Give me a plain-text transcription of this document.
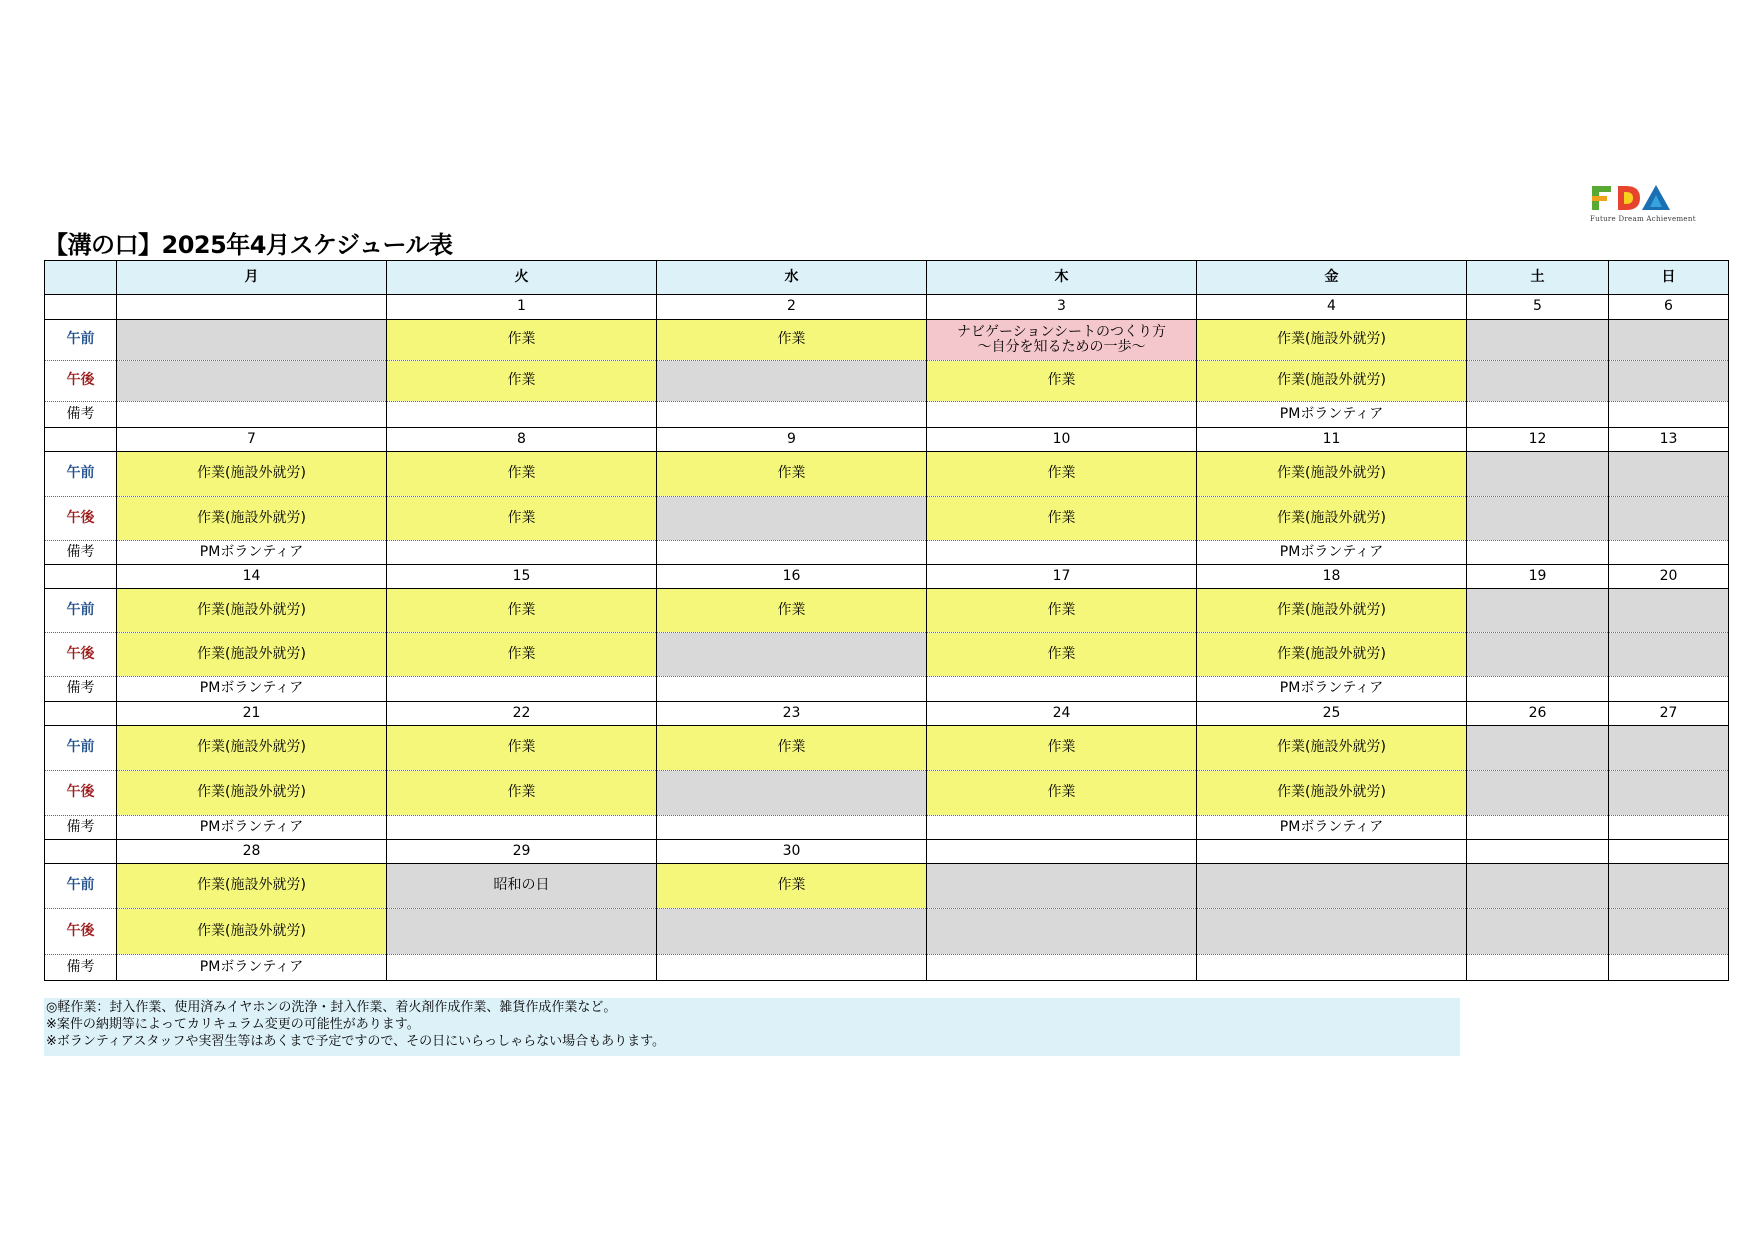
【溝の口】2025年4月スケジュール表
Future Dream Achievement
	月	火	水	木	金	土	日
		1	2	3	4	5	6
午前		作業	作業	ナビゲーションシートのつくり方
～自分を知るための一歩～	作業(施設外就労)		
午後		作業		作業	作業(施設外就労)		
備考					PMボランティア		
	7	8	9	10	11	12	13
午前	作業(施設外就労)	作業	作業	作業	作業(施設外就労)		
午後	作業(施設外就労)	作業		作業	作業(施設外就労)		
備考	PMボランティア				PMボランティア		
	14	15	16	17	18	19	20
午前	作業(施設外就労)	作業	作業	作業	作業(施設外就労)		
午後	作業(施設外就労)	作業		作業	作業(施設外就労)		
備考	PMボランティア				PMボランティア		
	21	22	23	24	25	26	27
午前	作業(施設外就労)	作業	作業	作業	作業(施設外就労)		
午後	作業(施設外就労)	作業		作業	作業(施設外就労)		
備考	PMボランティア				PMボランティア		
	28	29	30				
午前	作業(施設外就労)	昭和の日	作業				
午後	作業(施設外就労)						
備考	PMボランティア						
◎軽作業：封入作業、使用済みイヤホンの洗浄・封入作業、着火剤作成作業、雑貨作成作業など。
※案件の納期等によってカリキュラム変更の可能性があります。
※ボランティアスタッフや実習生等はあくまで予定ですので、その日にいらっしゃらない場合もあります。
